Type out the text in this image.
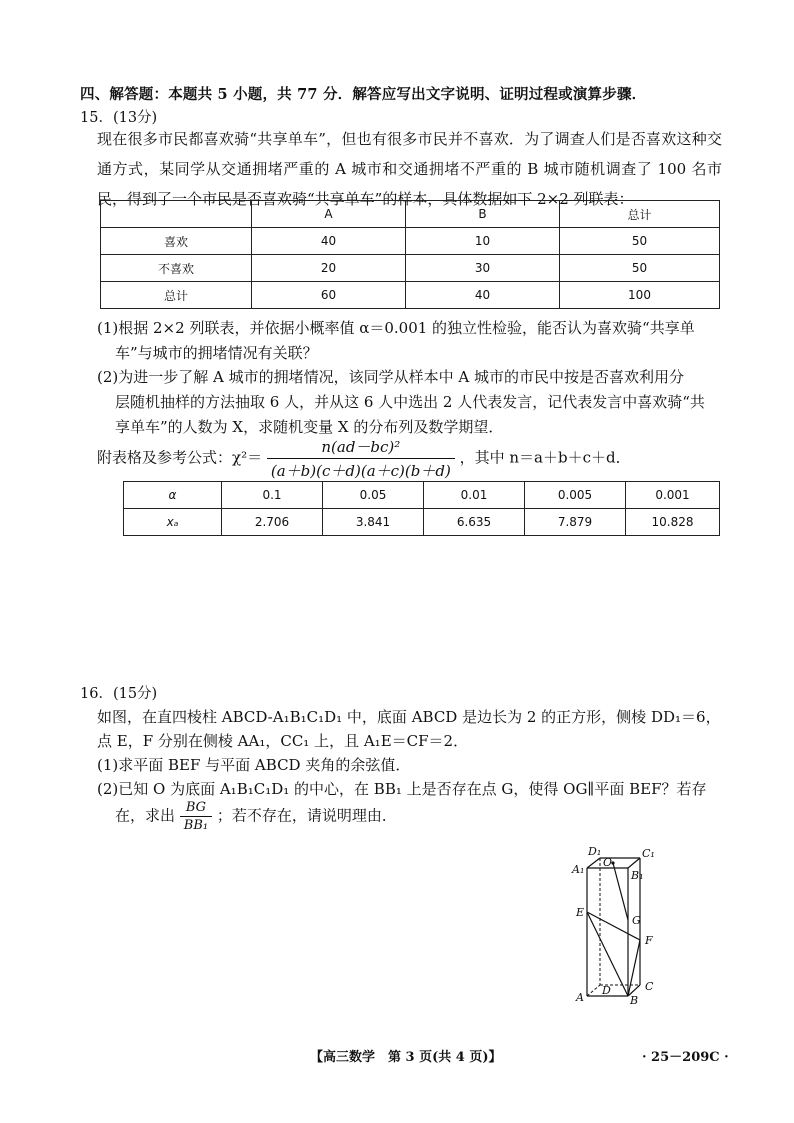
四、解答题：本题共 5 小题，共 77 分．解答应写出文字说明、证明过程或演算步骤．
15．(13分)
现在很多市民都喜欢骑“共享单车”，但也有很多市民并不喜欢．为了调查人们是否喜欢这种交通方式，某同学从交通拥堵严重的 A 城市和交通拥堵不严重的 B 城市随机调查了 100 名市民，得到了一个市民是否喜欢骑“共享单车”的样本，具体数据如下 2×2 列联表：
	A	B	总计
喜欢	40	10	50
不喜欢	20	30	50
总计	60	40	100
(1)根据 2×2 列联表，并依据小概率值 α＝0.001 的独立性检验，能否认为喜欢骑“共享单
车”与城市的拥堵情况有关联？
(2)为进一步了解 A 城市的拥堵情况，该同学从样本中 A 城市的市民中按是否喜欢利用分
层随机抽样的方法抽取 6 人，并从这 6 人中选出 2 人代表发言，记代表发言中喜欢骑“共
享单车”的人数为 X，求随机变量 X 的分布列及数学期望．
附表格及参考公式：$\chi^2= \frac{\text{n(ad－bc)²}}{(a+b)(c+d)(a+c)(b+d)}$ ，其中 n＝a＋b＋c＋d．
α	0.1	0.05	0.01	0.005	0.001
xₐ	2.706	3.841	6.635	7.879	10.828
16．(15分)
如图，在直四棱柱 ABCD-A₁B₁C₁D₁ 中，底面 ABCD 是边长为 2 的正方形，侧棱 DD₁＝6，
点 E，F 分别在侧棱 AA₁，CC₁ 上，且 A₁E＝CF＝2．
(1)求平面 BEF 与平面 ABCD 夹角的余弦值．
(2)已知 O 为底面 A₁B₁C₁D₁ 的中心，在 BB₁ 上是否存在点 G，使得 OG∥平面 BEF？若存
在，求出 $\frac{BG}{\text{BB₁}}$ ；若不存在，请说明理由．
D₁
O
C₁
A₁	B₁
E
G
F
A
D
B
C
【高三数学　第 3 页(共 4 页)】	· 25－209C ·
